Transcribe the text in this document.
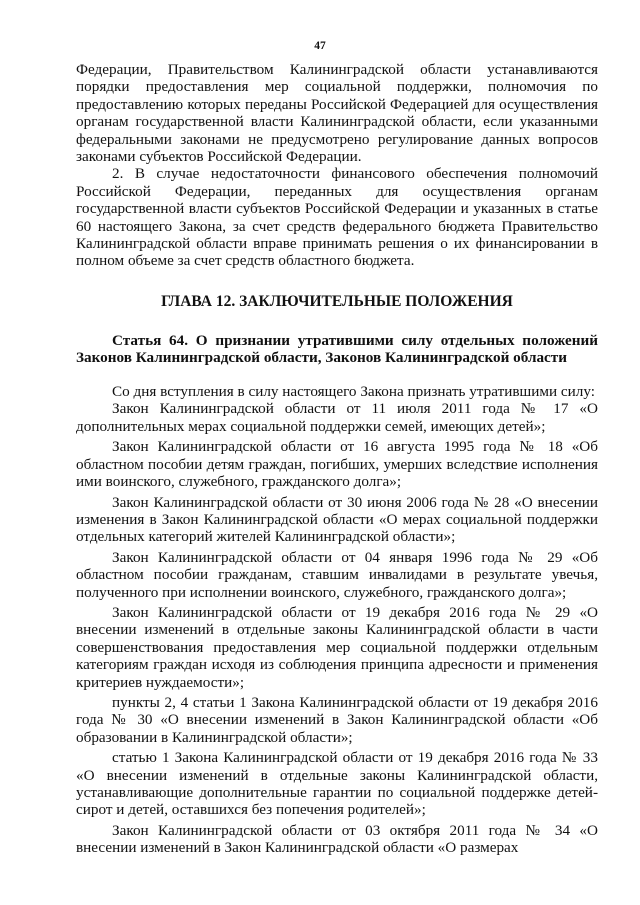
47

Федерации, Правительством Калининградской области устанавливаются порядки предоставления мер социальной поддержки, полномочия по предоставлению которых переданы Российской Федерацией для осуществления органам государственной власти Калининградской области, если указанными федеральными законами не предусмотрено регулирование данных вопросов законами субъектов Российской Федерации.

2. В случае недостаточности финансового обеспечения полномочий Российской Федерации, переданных для осуществления органам государственной власти субъектов Российской Федерации и указанных в статье 60 настоящего Закона, за счет средств федерального бюджета Правительство Калининградской области вправе принимать решения о их финансировании в полном объеме за счет средств областного бюджета.

ГЛАВА 12. ЗАКЛЮЧИТЕЛЬНЫЕ ПОЛОЖЕНИЯ

Статья 64. О признании утратившими силу отдельных положений Законов Калининградской области, Законов Калининградской области

Со дня вступления в силу настоящего Закона признать утратившими силу:

Закон Калининградской области от 11 июля 2011 года № 17 «О дополнительных мерах социальной поддержки семей, имеющих детей»;

Закон Калининградской области от 16 августа 1995 года № 18 «Об областном пособии детям граждан, погибших, умерших вследствие исполнения ими воинского, служебного, гражданского долга»;

Закон Калининградской области от 30 июня 2006 года № 28 «О внесении изменения в Закон Калининградской области «О мерах социальной поддержки отдельных категорий жителей Калининградской области»;

Закон Калининградской области от 04 января 1996 года № 29 «Об областном пособии гражданам, ставшим инвалидами в результате увечья, полученного при исполнении воинского, служебного, гражданского долга»;

Закон Калининградской области от 19 декабря 2016 года № 29 «О внесении изменений в отдельные законы Калининградской области в части совершенствования предоставления мер социальной поддержки отдельным категориям граждан исходя из соблюдения принципа адресности и применения критериев нуждаемости»;

пункты 2, 4 статьи 1 Закона Калининградской области от 19 декабря 2016 года № 30 «О внесении изменений в Закон Калининградской области «Об образовании в Калининградской области»;

статью 1 Закона Калининградской области от 19 декабря 2016 года № 33 «О внесении изменений в отдельные законы Калининградской области, устанавливающие дополнительные гарантии по социальной поддержке детей-сирот и детей, оставшихся без попечения родителей»;

Закон Калининградской области от 03 октября 2011 года № 34 «О внесении изменений в Закон Калининградской области «О размерах
